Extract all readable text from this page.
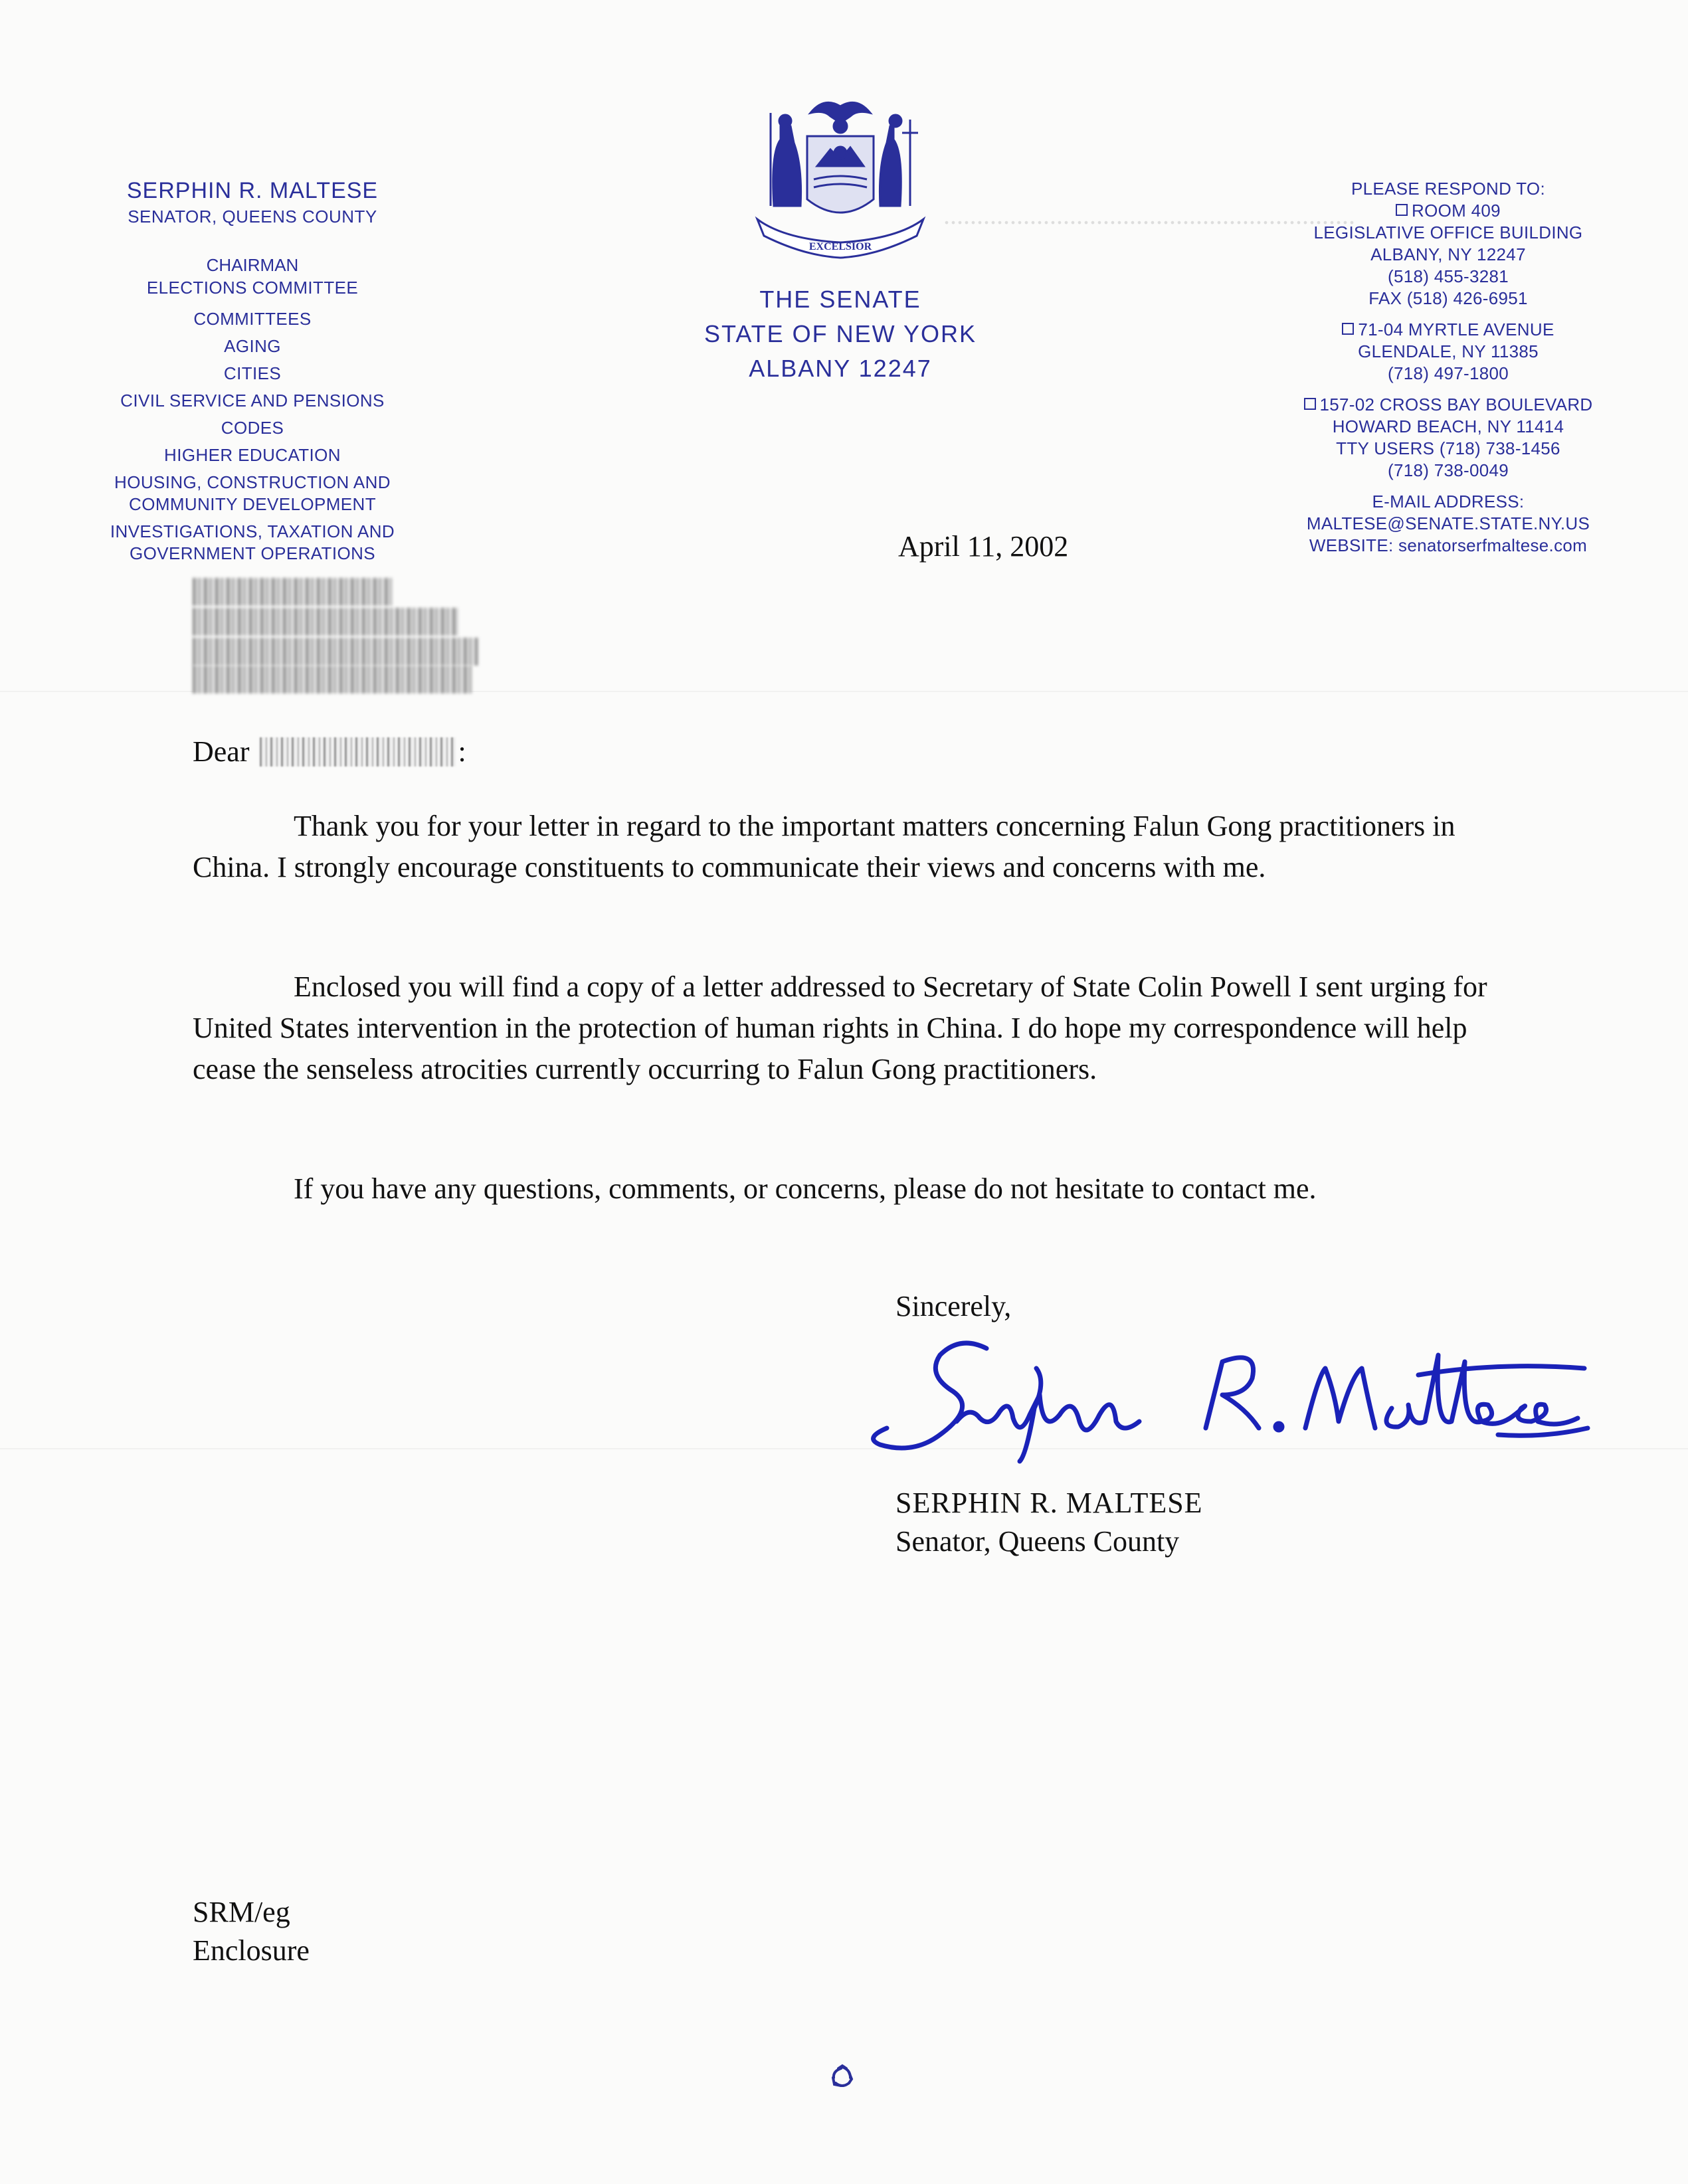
..............................................................
SERPHIN R. MALTESE
SENATOR, QUEENS COUNTY
CHAIRMAN
ELECTIONS COMMITTEE
COMMITTEES
AGING
CITIES
CIVIL SERVICE AND PENSIONS
CODES
HIGHER EDUCATION
HOUSING, CONSTRUCTION AND
COMMUNITY DEVELOPMENT
INVESTIGATIONS, TAXATION AND
GOVERNMENT OPERATIONS
EXCELSIOR
THE SENATE
STATE OF NEW YORK
ALBANY 12247
PLEASE RESPOND TO:
ROOM 409
LEGISLATIVE OFFICE BUILDING
ALBANY, NY 12247
(518) 455-3281
FAX (518) 426-6951
71-04 MYRTLE AVENUE
GLENDALE, NY 11385
(718) 497-1800
157-02 CROSS BAY BOULEVARD
HOWARD BEACH, NY 11414
TTY USERS (718) 738-1456
(718) 738-0049
E-MAIL ADDRESS:
MALTESE@SENATE.STATE.NY.US
WEBSITE: senatorserfmaltese.com
April 11, 2002
Dear	:
Thank you for your letter in regard to the important matters concerning Falun Gong practitioners in China. I strongly encourage constituents to communicate their views and concerns with me.
Enclosed you will find a copy of a letter addressed to Secretary of State Colin Powell I sent urging for United States intervention in the protection of human rights in China. I do hope my correspondence will help cease the senseless atrocities currently occurring to Falun Gong practitioners.
If you have any questions, comments, or concerns, please do not hesitate to contact me.
Sincerely,
SERPHIN R. MALTESE
Senator, Queens County
SRM/eg
Enclosure
